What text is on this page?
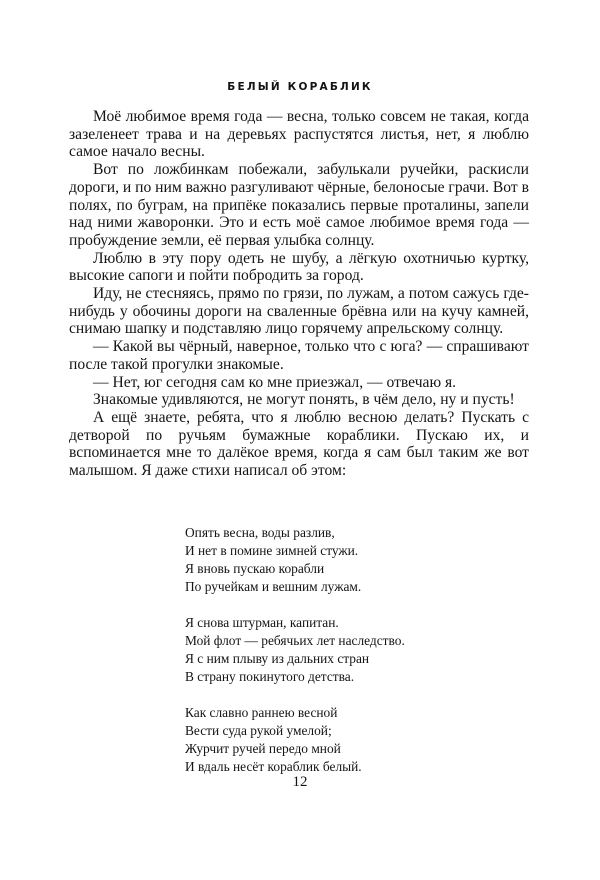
БЕЛЫЙ КОРАБЛИК

Моё любимое время года — весна, только совсем не такая, когда зазеленеет трава и на деревьях распустятся листья, нет, я люблю самое начало весны.

Вот по ложбинкам побежали, забулькали ручейки, раскисли дороги, и по ним важно разгуливают чёрные, белоносые грачи. Вот в полях, по буграм, на припёке показались первые проталины, запели над ними жаворонки. Это и есть моё самое любимое время года — пробуждение земли, её первая улыбка солнцу.

Люблю в эту пору одеть не шубу, а лёгкую охотничью куртку, высокие сапоги и пойти побродить за город.

Иду, не стесняясь, прямо по грязи, по лужам, а потом сажусь где-нибудь у обочины дороги на сваленные брёвна или на кучу камней, снимаю шапку и подставляю лицо горячему апрельскому солнцу.

— Какой вы чёрный, наверное, только что с юга? — спрашивают после такой прогулки знакомые.

— Нет, юг сегодня сам ко мне приезжал, — отвечаю я.

Знакомые удивляются, не могут понять, в чём дело, ну и пусть!

А ещё знаете, ребята, что я люблю весною делать? Пускать с детворой по ручьям бумажные кораблики. Пускаю их, и вспоминается мне то далёкое время, когда я сам был таким же вот малышом. Я даже стихи написал об этом:

Опять весна, воды разлив,
И нет в помине зимней стужи.
Я вновь пускаю корабли
По ручейкам и вешним лужам.
Я снова штурман, капитан.
Мой флот — ребячьих лет наследство.
Я с ним плыву из дальних стран
В страну покинутого детства.
Как славно раннею весной
Вести суда рукой умелой;
Журчит ручей передо мной
И вдаль несёт кораблик белый.
12
